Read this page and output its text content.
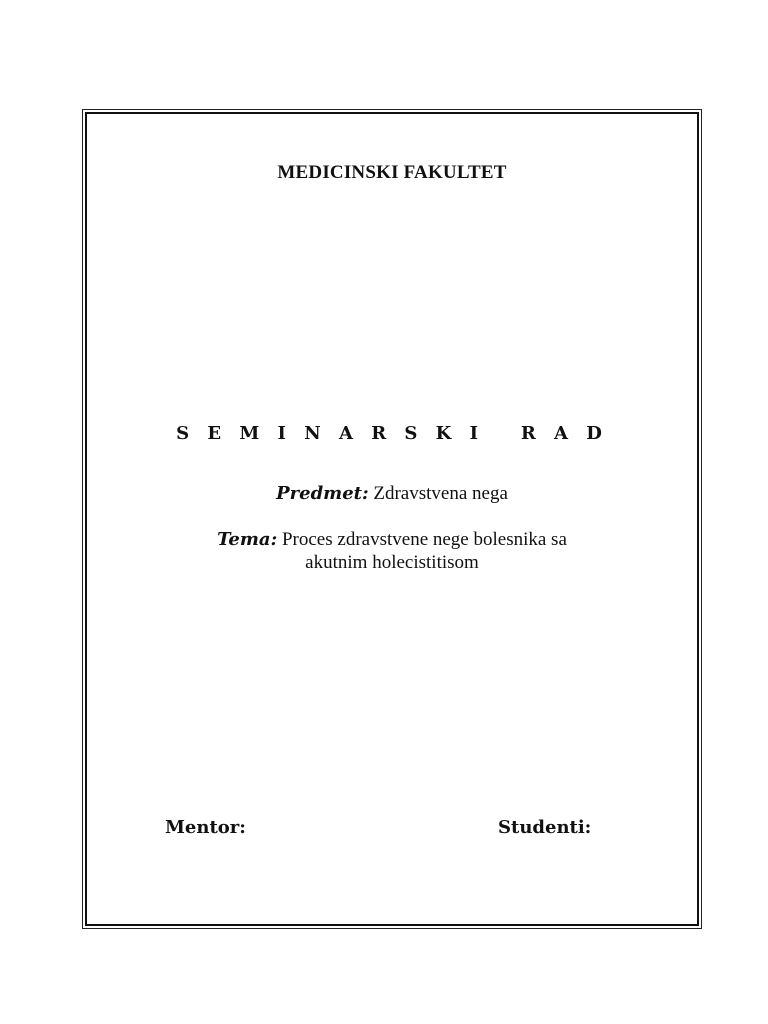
MEDICINSKI FAKULTET
S E M I N A R S K I   R A D
Predmet: Zdravstvena nega
Tema: Proces zdravstvene nege bolesnika sa
akutnim holecistitisom
Mentor:	Studenti:
